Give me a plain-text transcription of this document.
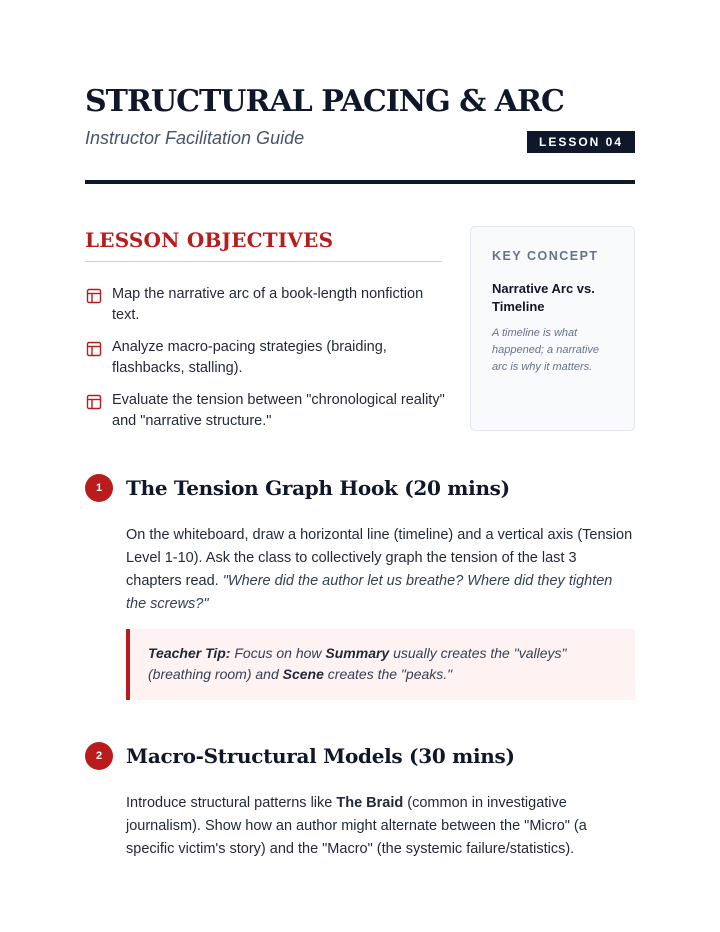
STRUCTURAL PACING & ARC
Instructor Facilitation Guide	LESSON 04
LESSON OBJECTIVES
Map the narrative arc of a book-length nonfiction text.
Analyze macro-pacing strategies (braiding, flashbacks, stalling).
Evaluate the tension between "chronological reality" and "narrative structure."
KEY CONCEPT
Narrative Arc vs. Timeline
A timeline is what happened; a narrative arc is why it matters.
1	The Tension Graph Hook (20 mins)

On the whiteboard, draw a horizontal line (timeline) and a vertical axis (Tension Level 1-10). Ask the class to collectively graph the tension of the last 3 chapters read. "Where did the author let us breathe? Where did they tighten the screws?"

Teacher Tip: Focus on how Summary usually creates the "valleys" (breathing room) and Scene creates the "peaks."
2	Macro-Structural Models (30 mins)

Introduce structural patterns like The Braid (common in investigative journalism). Show how an author might alternate between the "Micro" (a specific victim's story) and the "Macro" (the systemic failure/statistics).
